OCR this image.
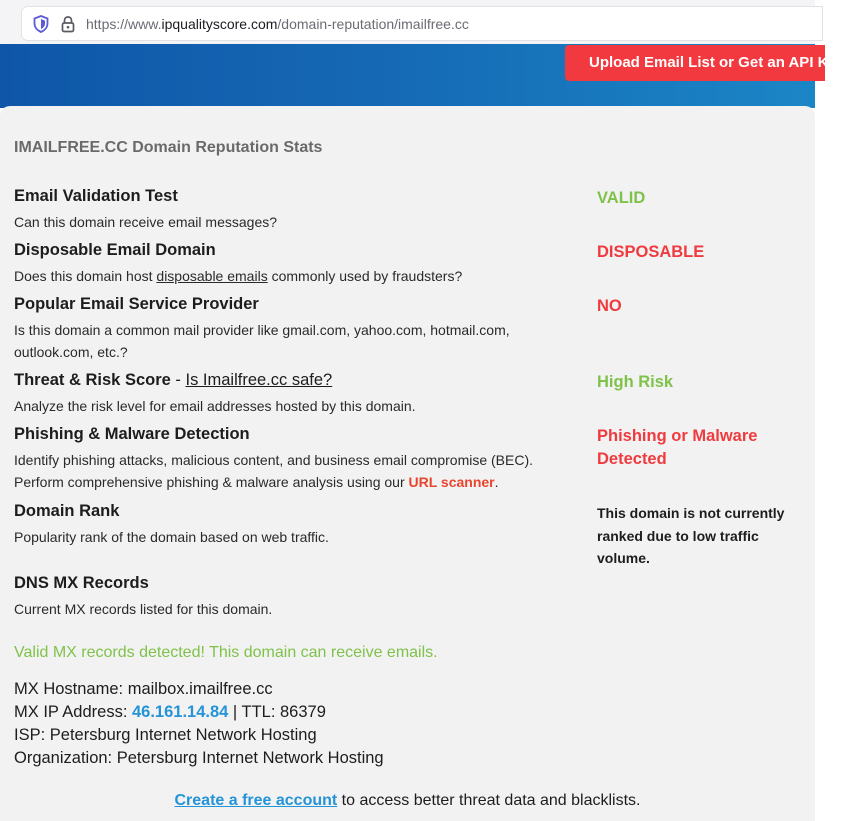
https://www.ipqualityscore.com/domain-reputation/imailfree.cc
Upload Email List or Get an API Key
IMAILFREE.CC Domain Reputation Stats
Email Validation Test
Can this domain receive email messages?
VALID
Disposable Email Domain
Does this domain host disposable emails commonly used by fraudsters?
DISPOSABLE
Popular Email Service Provider
Is this domain a common mail provider like gmail.com, yahoo.com, hotmail.com, outlook.com, etc.?
NO
Threat & Risk Score - Is Imailfree.cc safe?
Analyze the risk level for email addresses hosted by this domain.
High Risk
Phishing & Malware Detection
Identify phishing attacks, malicious content, and business email compromise (BEC).
Perform comprehensive phishing & malware analysis using our URL scanner.
Phishing or Malware
Detected
Domain Rank
Popularity rank of the domain based on web traffic.
This domain is not currently ranked due to low traffic volume.
DNS MX Records
Current MX records listed for this domain.
Valid MX records detected! This domain can receive emails.
MX Hostname: mailbox.imailfree.cc
MX IP Address: 46.161.14.84 | TTL: 86379
ISP: Petersburg Internet Network Hosting
Organization: Petersburg Internet Network Hosting
Create a free account to access better threat data and blacklists.
